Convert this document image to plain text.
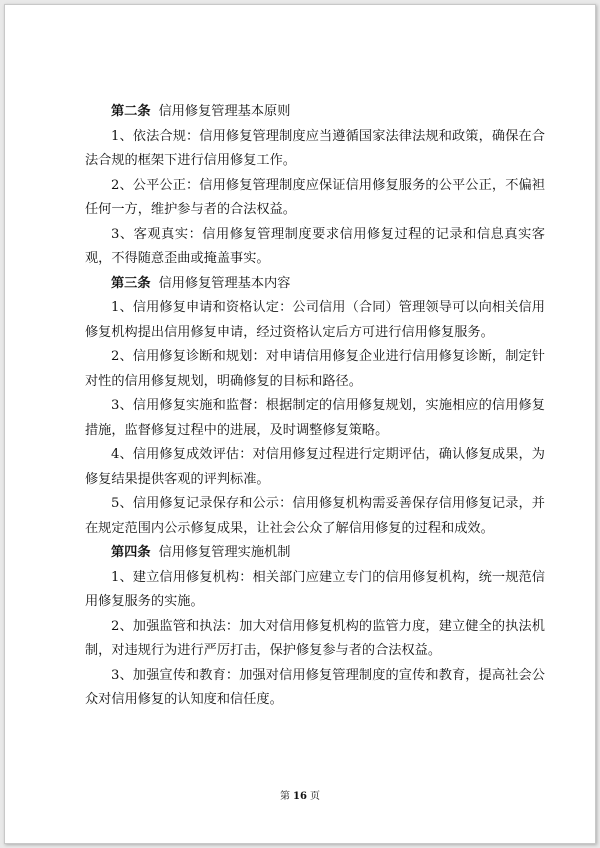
第二条 信用修复管理基本原则

1、依法合规：信用修复管理制度应当遵循国家法律法规和政策，确保在合法合规的框架下进行信用修复工作。

2、公平公正：信用修复管理制度应保证信用修复服务的公平公正，不偏袒任何一方，维护参与者的合法权益。

3、客观真实：信用修复管理制度要求信用修复过程的记录和信息真实客观，不得随意歪曲或掩盖事实。

第三条 信用修复管理基本内容

1、信用修复申请和资格认定：公司信用（合同）管理领导可以向相关信用修复机构提出信用修复申请，经过资格认定后方可进行信用修复服务。

2、信用修复诊断和规划：对申请信用修复企业进行信用修复诊断，制定针对性的信用修复规划，明确修复的目标和路径。

3、信用修复实施和监督：根据制定的信用修复规划，实施相应的信用修复措施，监督修复过程中的进展，及时调整修复策略。

4、信用修复成效评估：对信用修复过程进行定期评估，确认修复成果，为修复结果提供客观的评判标准。

5、信用修复记录保存和公示：信用修复机构需妥善保存信用修复记录，并在规定范围内公示修复成果，让社会公众了解信用修复的过程和成效。

第四条 信用修复管理实施机制

1、建立信用修复机构：相关部门应建立专门的信用修复机构，统一规范信用修复服务的实施。

2、加强监管和执法：加大对信用修复机构的监管力度，建立健全的执法机制，对违规行为进行严厉打击，保护修复参与者的合法权益。

3、加强宣传和教育：加强对信用修复管理制度的宣传和教育，提高社会公众对信用修复的认知度和信任度。

第 16 页
